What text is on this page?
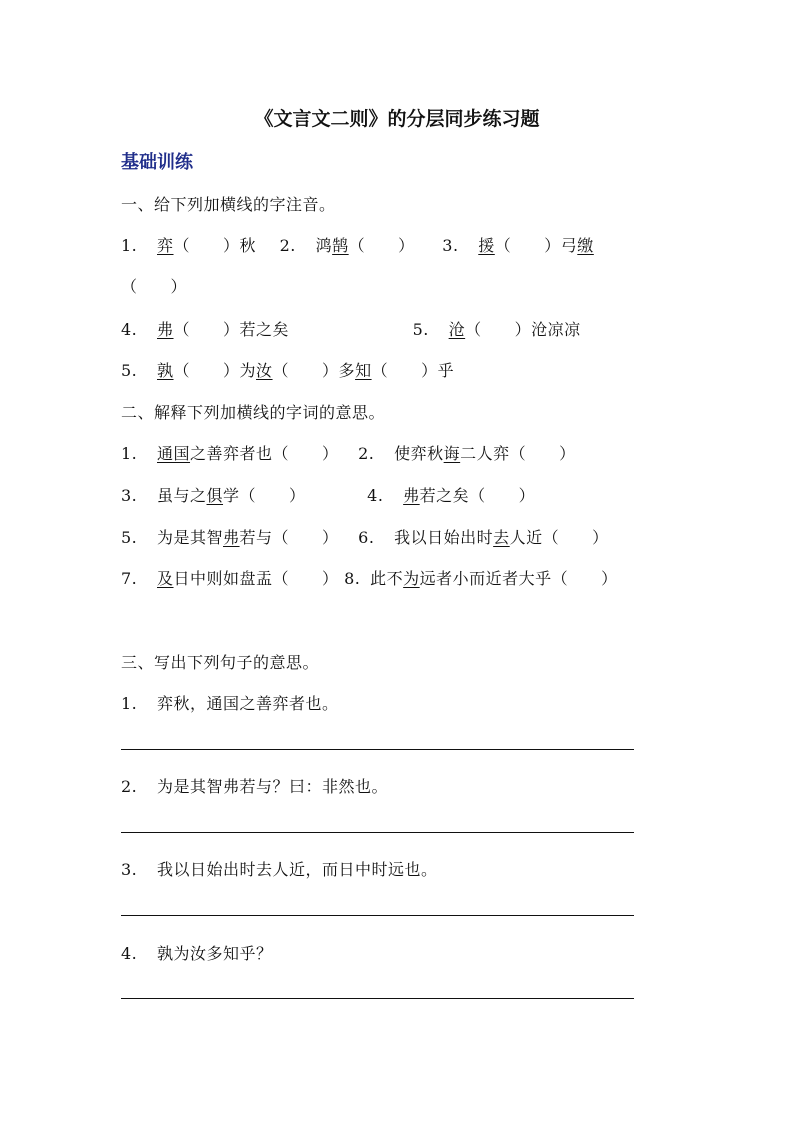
《文言文二则》的分层同步练习题
基础训练
一、给下列加横线的字注音。
1. 弈（　　）秋 2. 鸿鹄（　　） 3. 援（　　）弓缴
（　　）
4. 弗（　　）若之矣	5. 沧（　　）沧凉凉
5. 孰（　　）为汝（　　）多知（　　）乎
二、解释下列加横线的字词的意思。
1. 通国之善弈者也（　　） 2. 使弈秋诲二人弈（　　）
3. 虽与之俱学（　　）	4. 弗若之矣（　　）
5. 为是其智弗若与（　　） 6. 我以日始出时去人近（　　）
7. 及日中则如盘盂（　　） 8. 此不为远者小而近者大乎（　　）
三、写出下列句子的意思。
1. 弈秋，通国之善弈者也。
2. 为是其智弗若与？曰：非然也。
3. 我以日始出时去人近，而日中时远也。
4. 孰为汝多知乎？
